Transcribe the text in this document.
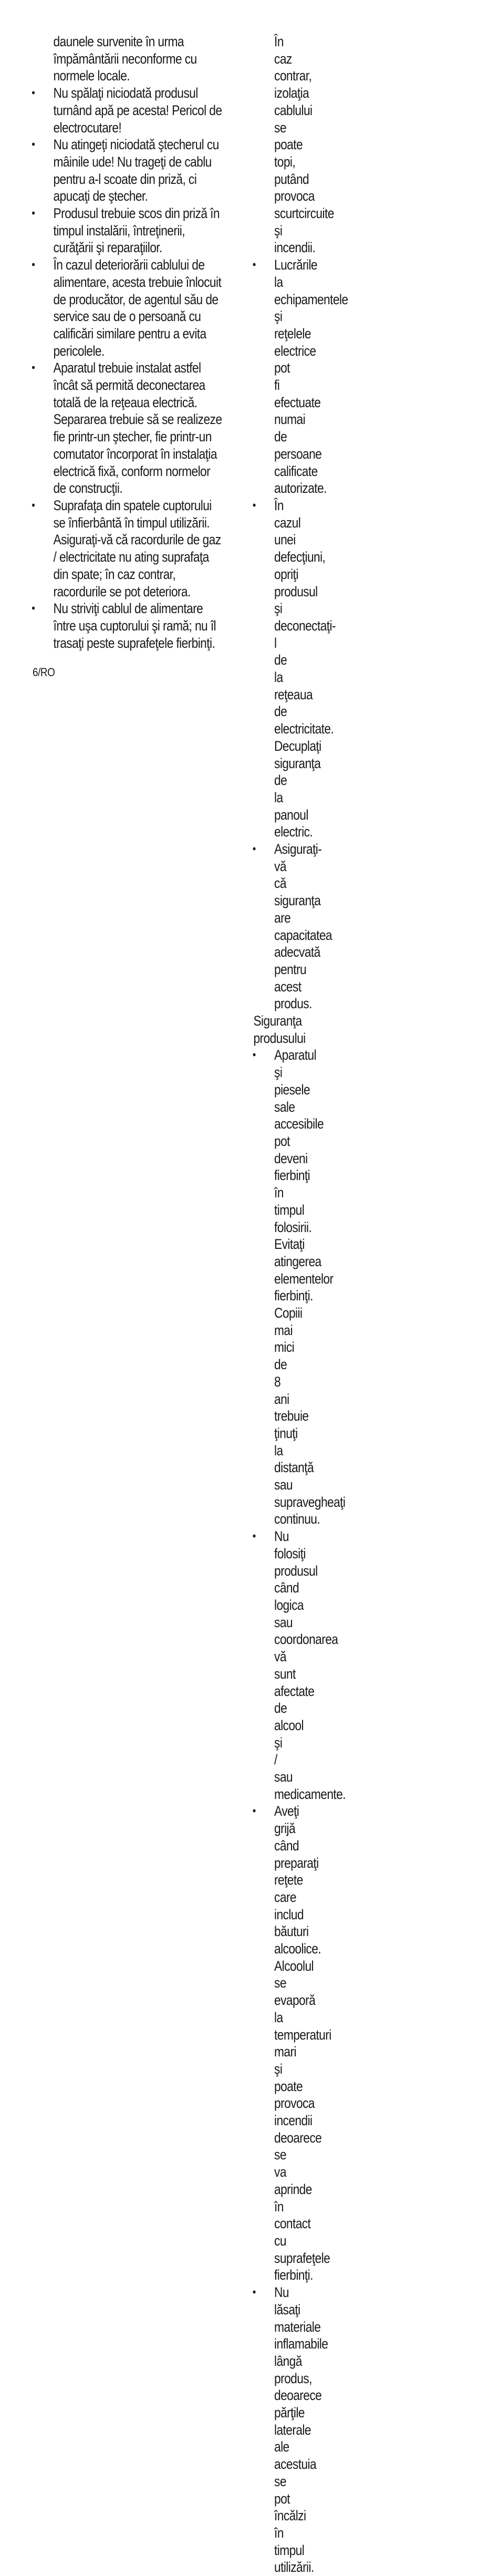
daunele survenite în urma
împământării neconforme cu
normele locale.
•	Nu spălaţi niciodată produsul
turnând apă pe acesta! Pericol de
electrocutare!
•	Nu atingeţi niciodată ştecherul cu
mâinile ude! Nu trageţi de cablu
pentru a-l scoate din priză, ci
apucaţi de ştecher.
•	Produsul trebuie scos din priză în
timpul instalării, întreţinerii,
curăţării şi reparaţiilor.
•	În cazul deteriorării cablului de
alimentare, acesta trebuie înlocuit
de producător, de agentul său de
service sau de o persoană cu
calificări similare pentru a evita
pericolele.
•	Aparatul trebuie instalat astfel
încât să permită deconectarea
totală de la reţeaua electrică.
Separarea trebuie să se realizeze
fie printr-un ştecher, fie printr-un
comutator încorporat în instalaţia
electrică fixă, conform normelor
de construcţii.
•	Suprafaţa din spatele cuptorului
se înfierbântă în timpul utilizării.
Asiguraţi-vă că racordurile de gaz
/ electricitate nu ating suprafaţa
din spate; în caz contrar,
racordurile se pot deteriora.
•	Nu striviţi cablul de alimentare
între uşa cuptorului şi ramă; nu îl
trasaţi peste suprafeţele fierbinţi.
În caz contrar, izolaţia cablului se
poate topi, putând provoca
scurtcircuite şi incendii.
•	Lucrările la echipamentele şi
reţelele electrice pot fi efectuate
numai de persoane calificate
autorizate.
•	În cazul unei defecţiuni, opriţi
produsul şi deconectaţi-l de la
reţeaua de electricitate. Decuplaţi
siguranţa de la panoul electric.
•	Asiguraţi-vă că siguranţa are
capacitatea adecvată pentru
acest produs.
Siguranţa produsului
•	Aparatul şi piesele sale accesibile
pot deveni fierbinţi în timpul
folosirii. Evitaţi atingerea
elementelor fierbinţi. Copiii mai
mici de 8 ani trebuie ţinuţi la
distanţă sau supravegheaţi
continuu.
•	Nu folosiţi produsul când logica
sau coordonarea vă sunt afectate
de alcool şi / sau medicamente.
•	Aveţi grijă când preparaţi reţete
care includ băuturi alcoolice.
Alcoolul se evaporă la temperaturi
mari şi poate provoca incendii
deoarece se va aprinde în contact
cu suprafeţele fierbinţi.
•	Nu lăsaţi materiale inflamabile
lângă produs, deoarece părţile
laterale ale acestuia se pot încălzi
în timpul utilizării.
6/RO
